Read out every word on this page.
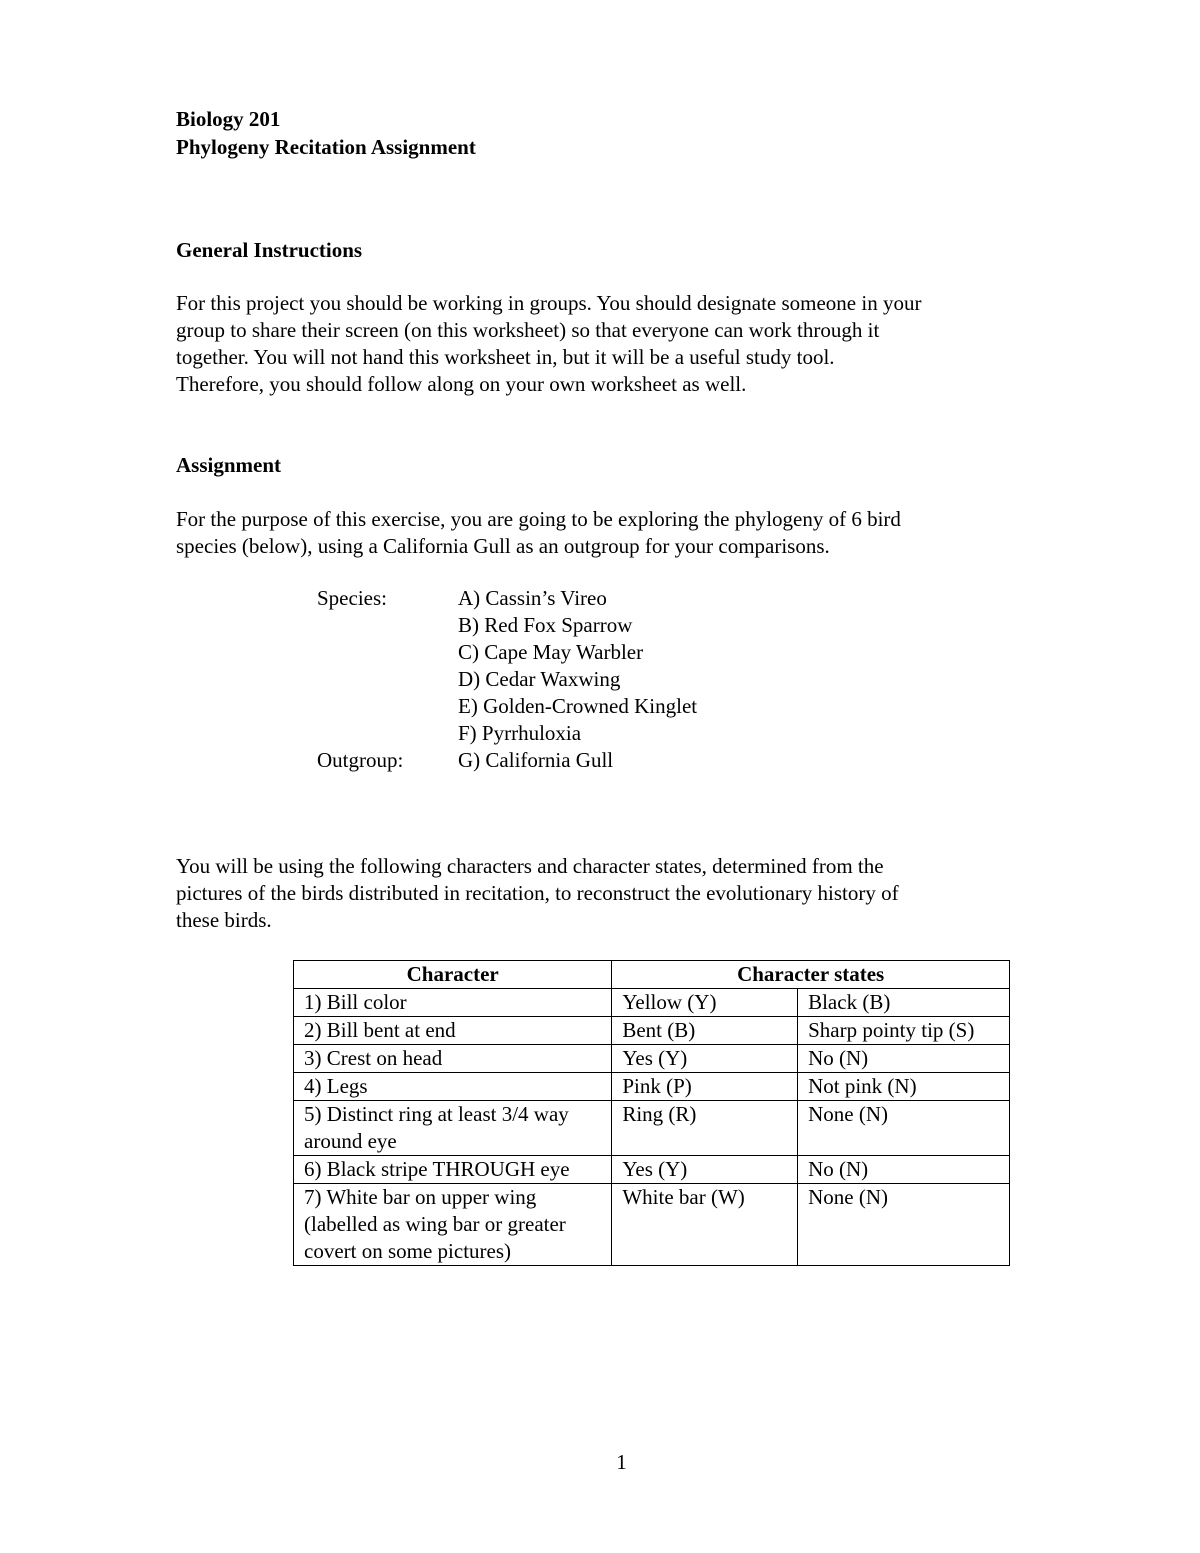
Biology 201
Phylogeny Recitation Assignment
General Instructions
For this project you should be working in groups. You should designate someone in your
group to share their screen (on this worksheet) so that everyone can work through it
together. You will not hand this worksheet in, but it will be a useful study tool.
Therefore, you should follow along on your own worksheet as well.
Assignment
For the purpose of this exercise, you are going to be exploring the phylogeny of 6 bird
species (below), using a California Gull as an outgroup for your comparisons.
Species:
Outgroup:
A) Cassin’s Vireo
B) Red Fox Sparrow
C) Cape May Warbler
D) Cedar Waxwing
E) Golden-Crowned Kinglet
F) Pyrrhuloxia
G) California Gull
You will be using the following characters and character states, determined from the
pictures of the birds distributed in recitation, to reconstruct the evolutionary history of
these birds.
Character	Character states	
1) Bill color	Yellow (Y)	Black (B)
2) Bill bent at end	Bent (B)	Sharp pointy tip (S)
3) Crest on head	Yes (Y)	No (N)
4) Legs	Pink (P)	Not pink (N)
5) Distinct ring at least 3/4 way around eye	Ring (R)	None (N)
6) Black stripe THROUGH eye	Yes (Y)	No (N)
7) White bar on upper wing (labelled as wing bar or greater covert on some pictures)	White bar (W)	None (N)
1
